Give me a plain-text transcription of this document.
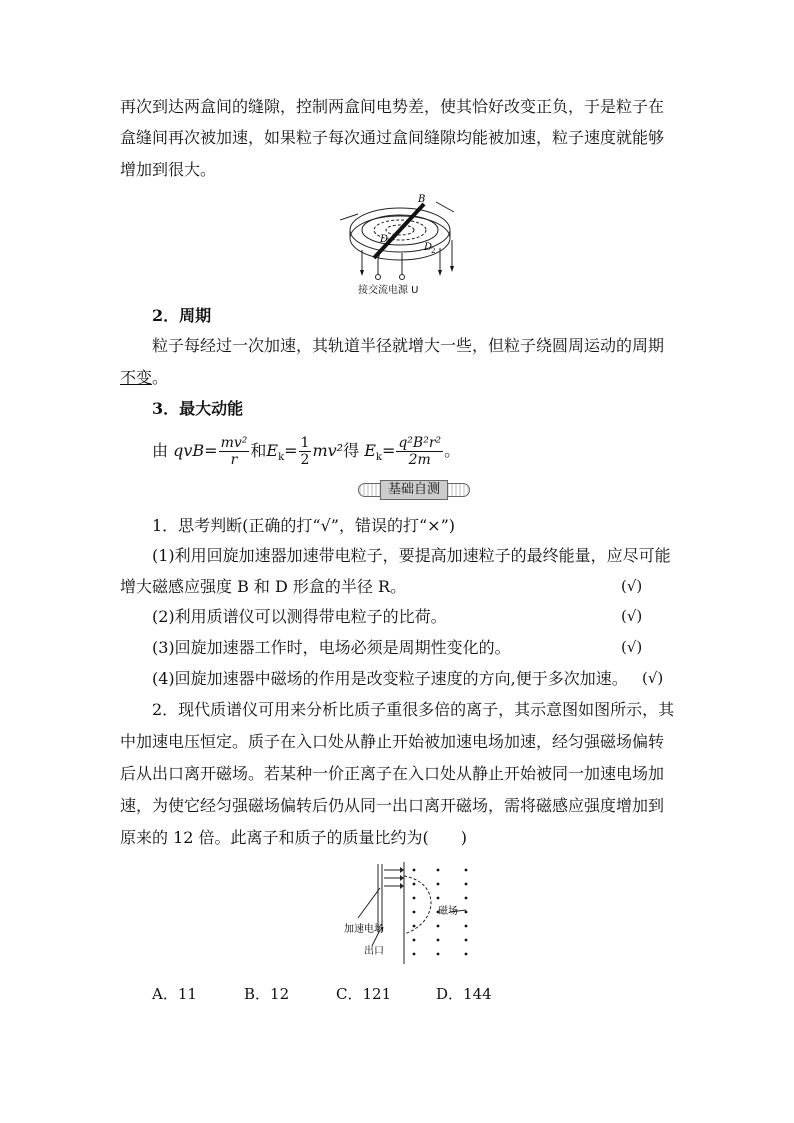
再次到达两盒间的缝隙，控制两盒间电势差，使其恰好改变正负，于是粒子在
盒缝间再次被加速，如果粒子每次通过盒间缝隙均能被加速，粒子速度就能够
增加到很大。
B
D
1	D
2
接交流电源 U
2．周期
粒子每经过一次加速，其轨道半径就增大一些，但粒子绕圆周运动的周期
不变。
3．最大动能
由 $qvB= \frac{\text{mv²}}{r}$ 和$E_k= \frac{1}{2} mv^2$得 $E_k= \frac{\text{q²B²r²}}{2m}$ 。
基础自测
1．思考判断(正确的打“√”，错误的打“×”)
(1)利用回旋加速器加速带电粒子，要提高加速粒子的最终能量，应尽可能
增大磁感应强度 B 和 D 形盒的半径 R。	(√)
(2)利用质谱仪可以测得带电粒子的比荷。	(√)
(3)回旋加速器工作时，电场必须是周期性变化的。	(√)
(4)回旋加速器中磁场的作用是改变粒子速度的方向,便于多次加速。 (√)
2．现代质谱仪可用来分析比质子重很多倍的离子，其示意图如图所示，其
中加速电压恒定。质子在入口处从静止开始被加速电场加速，经匀强磁场偏转
后从出口离开磁场。若某种一价正离子在入口处从静止开始被同一加速电场加
速，为使它经匀强磁场偏转后仍从同一出口离开磁场，需将磁感应强度增加到
原来的 12 倍。此离子和质子的质量比约为(　　)
磁场
加速电场
出口
A．11	B．12	C．121	D．144
